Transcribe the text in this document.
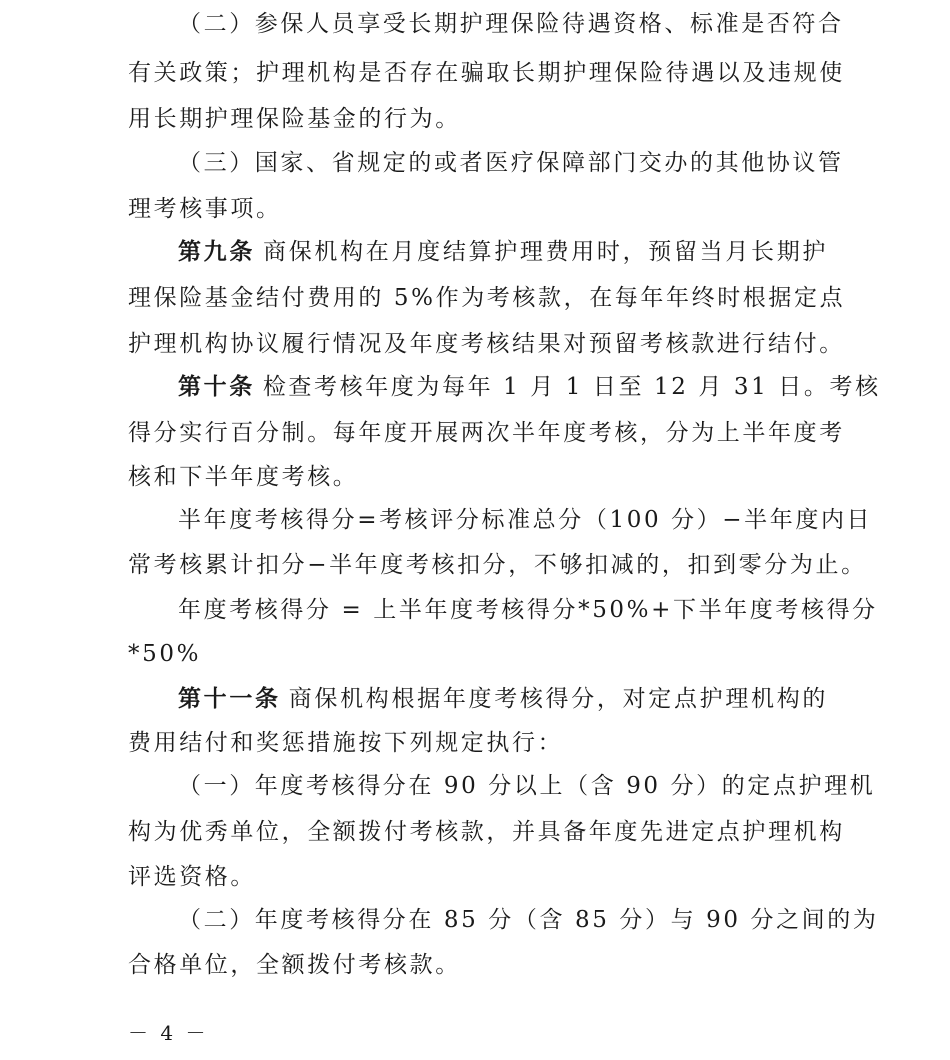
（二）参保人员享受长期护理保险待遇资格、标准是否符合
有关政策；护理机构是否存在骗取长期护理保险待遇以及违规使
用长期护理保险基金的行为。
（三）国家、省规定的或者医疗保障部门交办的其他协议管
理考核事项。
第九条 商保机构在月度结算护理费用时，预留当月长期护
理保险基金结付费用的 5%作为考核款，在每年年终时根据定点
护理机构协议履行情况及年度考核结果对预留考核款进行结付。
第十条 检查考核年度为每年 1 月 1 日至 12 月 31 日。考核
得分实行百分制。每年度开展两次半年度考核，分为上半年度考
核和下半年度考核。
半年度考核得分=考核评分标准总分（100 分）−半年度内日
常考核累计扣分−半年度考核扣分，不够扣减的，扣到零分为止。
年度考核得分 = 上半年度考核得分*50%+下半年度考核得分
*50%
第十一条 商保机构根据年度考核得分，对定点护理机构的
费用结付和奖惩措施按下列规定执行：
（一）年度考核得分在 90 分以上（含 90 分）的定点护理机
构为优秀单位，全额拨付考核款，并具备年度先进定点护理机构
评选资格。
（二）年度考核得分在 85 分（含 85 分）与 90 分之间的为
合格单位，全额拨付考核款。
－ 4 －
